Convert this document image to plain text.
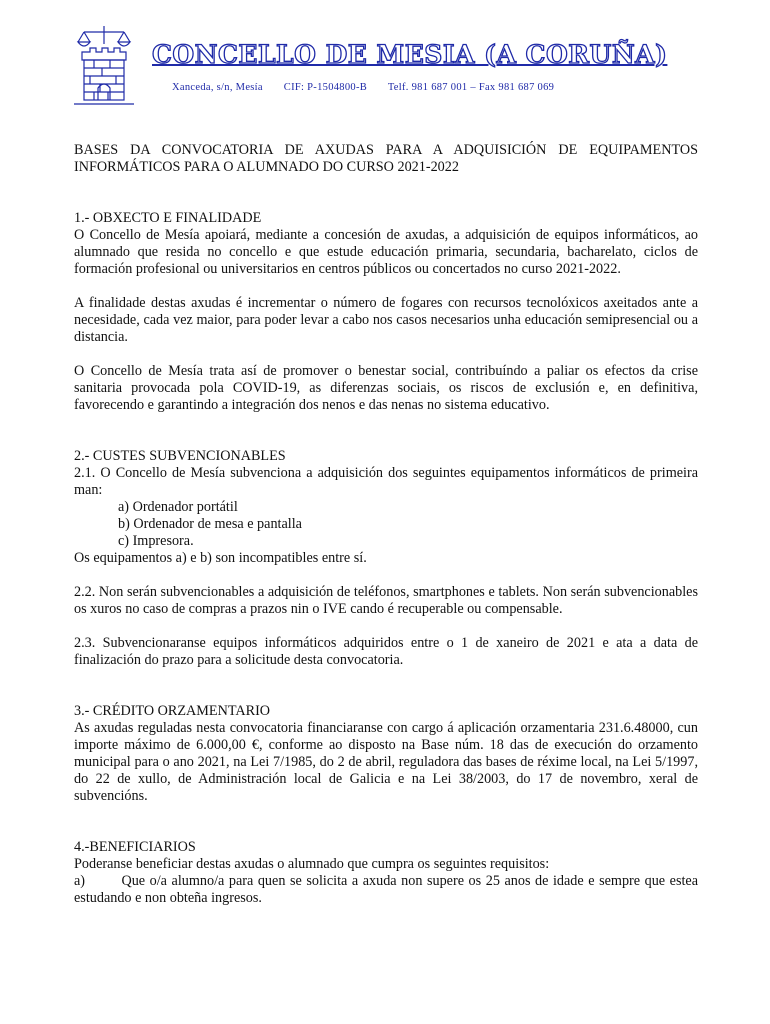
CONCELLO DE MESIA (A CORUÑA)
Xanceda, s/n, Mesía CIF: P-1504800-B Telf. 981 687 001 – Fax 981 687 069

BASES DA CONVOCATORIA DE AXUDAS PARA A ADQUISICIÓN DE EQUIPAMENTOS INFORMÁTICOS PARA O ALUMNADO DO CURSO 2021-2022

1.- OBXECTO E FINALIDADE

O Concello de Mesía apoiará, mediante a concesión de axudas, a adquisición de equipos informáticos, ao alumnado que resida no concello e que estude educación primaria, secundaria, bacharelato, ciclos de formación profesional ou universitarios en centros públicos ou concertados no curso 2021-2022.

A finalidade destas axudas é incrementar o número de fogares con recursos tecnolóxicos axeitados ante a necesidade, cada vez maior, para poder levar a cabo nos casos necesarios unha educación semipresencial ou a distancia.

O Concello de Mesía trata así de promover o benestar social, contribuíndo a paliar os efectos da crise sanitaria provocada pola COVID-19, as diferenzas sociais, os riscos de exclusión e, en definitiva, favorecendo e garantindo a integración dos nenos e das nenas no sistema educativo.

2.- CUSTES SUBVENCIONABLES

2.1. O Concello de Mesía subvenciona a adquisición dos seguintes equipamentos informáticos de primeira man:

a) Ordenador portátil
b) Ordenador de mesa e pantalla
c) Impresora.

Os equipamentos a) e b) son incompatibles entre sí.

2.2. Non serán subvencionables a adquisición de teléfonos, smartphones e tablets. Non serán subvencionables os xuros no caso de compras a prazos nin o IVE cando é recuperable ou compensable.

2.3. Subvencionaranse equipos informáticos adquiridos entre o 1 de xaneiro de 2021 e ata a data de finalización do prazo para a solicitude desta convocatoria.

3.- CRÉDITO ORZAMENTARIO

As axudas reguladas nesta convocatoria financiaranse con cargo á aplicación orzamentaria 231.6.48000, cun importe máximo de 6.000,00 €, conforme ao disposto na Base núm. 18 das de execución do orzamento municipal para o ano 2021, na Lei 7/1985, do 2 de abril, reguladora das bases de réxime local, na Lei 5/1997, do 22 de xullo, de Administración local de Galicia e na Lei 38/2003, do 17 de novembro, xeral de subvencións.

4.-BENEFICIARIOS

Poderanse beneficiar destas axudas o alumnado que cumpra os seguintes requisitos:

a)	Que o/a alumno/a para quen se solicita a axuda non supere os 25 anos de idade e sempre que estea estudando e non obteña ingresos.
